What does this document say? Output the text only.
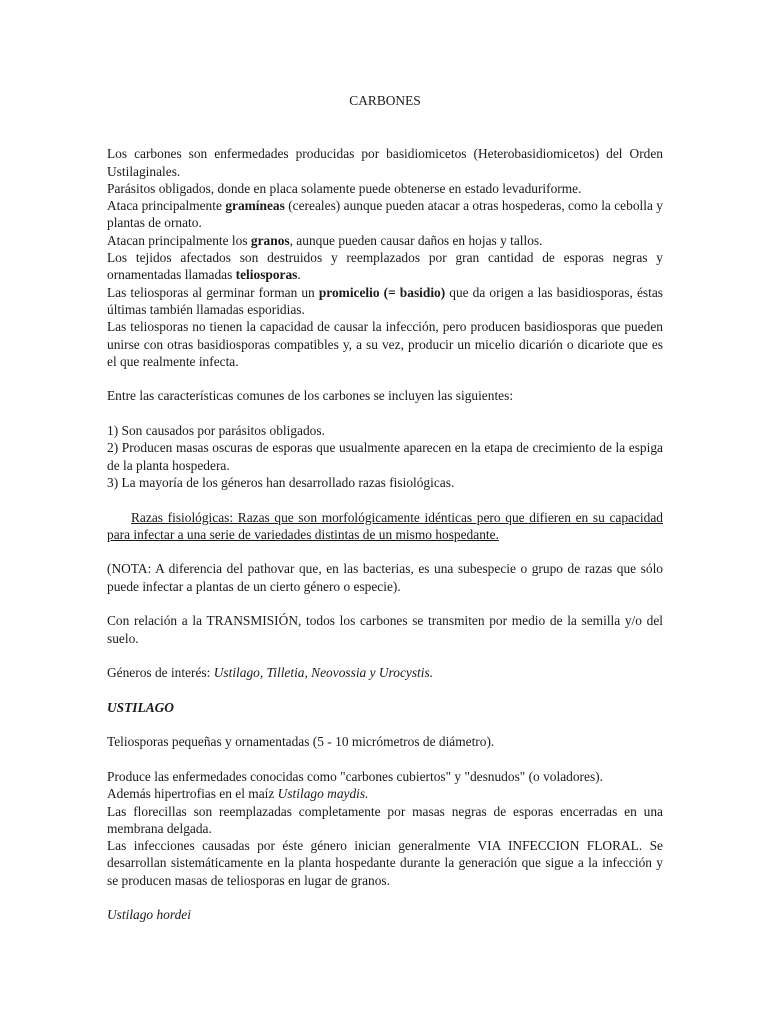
CARBONES

Los carbones son enfermedades producidas por basidiomicetos (Heterobasidiomicetos) del Orden Ustilaginales.

Parásitos obligados, donde en placa solamente puede obtenerse en estado levaduriforme.

Ataca principalmente gramíneas (cereales) aunque pueden atacar a otras hospederas, como la cebolla y plantas de ornato.

Atacan principalmente los granos, aunque pueden causar daños en hojas y tallos.

Los tejidos afectados son destruidos y reemplazados por gran cantidad de esporas negras y ornamentadas llamadas teliosporas.

Las teliosporas al germinar forman un promicelio (= basidio) que da origen a las basidiosporas, éstas últimas también llamadas esporidias.

Las teliosporas no tienen la capacidad de causar la infección, pero producen basidiosporas que pueden unirse con otras basidiosporas compatibles y, a su vez, producir un micelio dicarión o dicariote que es el que realmente infecta.

Entre las características comunes de los carbones se incluyen las siguientes:

1) Son causados por parásitos obligados.

2) Producen masas oscuras de esporas que usualmente aparecen en la etapa de crecimiento de la espiga de la planta hospedera.

3) La mayoría de los géneros han desarrollado razas fisiológicas.

Razas fisiológicas: Razas que son morfológicamente idénticas pero que difieren en su capacidad para infectar a una serie de variedades distintas de un mismo hospedante.

(NOTA: A diferencia del pathovar que, en las bacterias, es una subespecie o grupo de razas que sólo puede infectar a plantas de un cierto género o especie).

Con relación a la TRANSMISIÓN, todos los carbones se transmiten por medio de la semilla y/o del suelo.

Géneros de interés: Ustilago, Tilletia, Neovossia y Urocystis.

USTILAGO

Teliosporas pequeñas y ornamentadas (5 - 10 micrómetros de diámetro).

Produce las enfermedades conocidas como "carbones cubiertos" y "desnudos" (o voladores).

Además hipertrofias en el maíz Ustilago maydis.

Las florecillas son reemplazadas completamente por masas negras de esporas encerradas en una membrana delgada.

Las infecciones causadas por éste género inician generalmente VIA INFECCION FLORAL. Se desarrollan sistemáticamente en la planta hospedante durante la generación que sigue a la infección y se producen masas de teliosporas en lugar de granos.

Ustilago hordei
